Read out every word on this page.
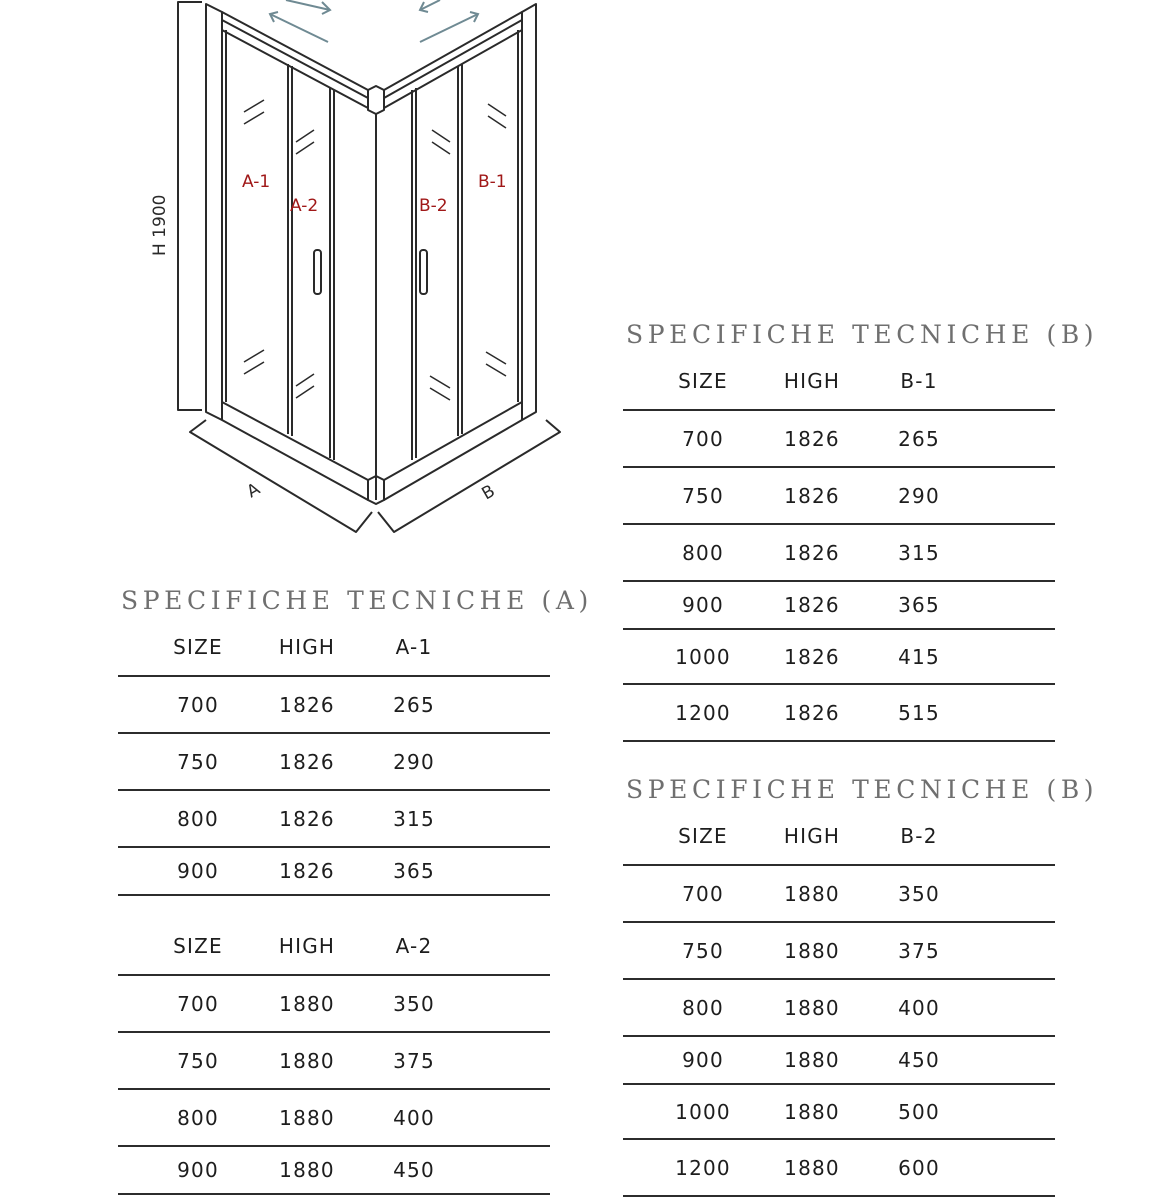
H 1900
A-1
A-2	B-2
B-1
A	B
SPECIFICHE TECNICHE (A)
SIZE	HIGH	A-1
700	1826	265
750	1826	290
800	1826	315
900	1826	365
SIZE	HIGH	A-2
700	1880	350
750	1880	375
800	1880	400
900	1880	450
SPECIFICHE TECNICHE (B)
SIZE	HIGH	B-1
700	1826	265
750	1826	290
800	1826	315
900	1826	365
1000	1826	415
1200	1826	515
SPECIFICHE TECNICHE (B)
SIZE	HIGH	B-2
700	1880	350
750	1880	375
800	1880	400
900	1880	450
1000	1880	500
1200	1880	600
